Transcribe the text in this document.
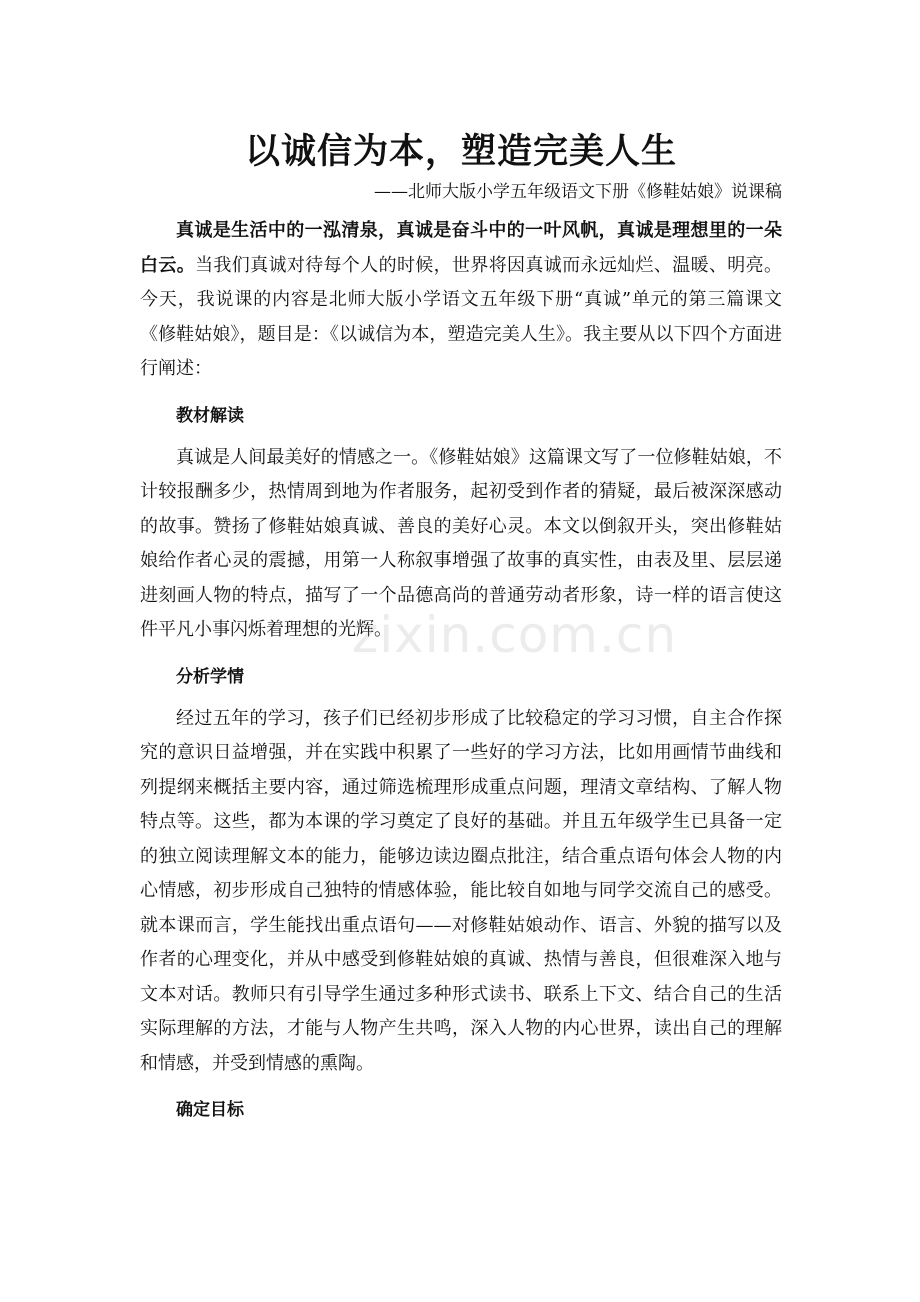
以诚信为本，塑造完美人生

——北师大版小学五年级语文下册《修鞋姑娘》说课稿

真诚是生活中的一泓清泉，真诚是奋斗中的一叶风帆，真诚是理想里的一朵白云。当我们真诚对待每个人的时候，世界将因真诚而永远灿烂、温暖、明亮。今天，我说课的内容是北师大版小学语文五年级下册“真诚”单元的第三篇课文《修鞋姑娘》，题目是：《以诚信为本，塑造完美人生》。我主要从以下四个方面进行阐述：

教材解读

真诚是人间最美好的情感之一。《修鞋姑娘》这篇课文写了一位修鞋姑娘，不计较报酬多少，热情周到地为作者服务，起初受到作者的猜疑，最后被深深感动的故事。赞扬了修鞋姑娘真诚、善良的美好心灵。本文以倒叙开头，突出修鞋姑娘给作者心灵的震撼，用第一人称叙事增强了故事的真实性，由表及里、层层递进刻画人物的特点，描写了一个品德高尚的普通劳动者形象，诗一样的语言使这件平凡小事闪烁着理想的光辉。

分析学情

经过五年的学习，孩子们已经初步形成了比较稳定的学习习惯，自主合作探究的意识日益增强，并在实践中积累了一些好的学习方法，比如用画情节曲线和列提纲来概括主要内容，通过筛选梳理形成重点问题，理清文章结构、了解人物特点等。这些，都为本课的学习奠定了良好的基础。并且五年级学生已具备一定的独立阅读理解文本的能力，能够边读边圈点批注，结合重点语句体会人物的内心情感，初步形成自己独特的情感体验，能比较自如地与同学交流自己的感受。就本课而言，学生能找出重点语句——对修鞋姑娘动作、语言、外貌的描写以及作者的心理变化，并从中感受到修鞋姑娘的真诚、热情与善良，但很难深入地与文本对话。教师只有引导学生通过多种形式读书、联系上下文、结合自己的生活实际理解的方法，才能与人物产生共鸣，深入人物的内心世界，读出自己的理解和情感，并受到情感的熏陶。

确定目标
zixin.com.cn
